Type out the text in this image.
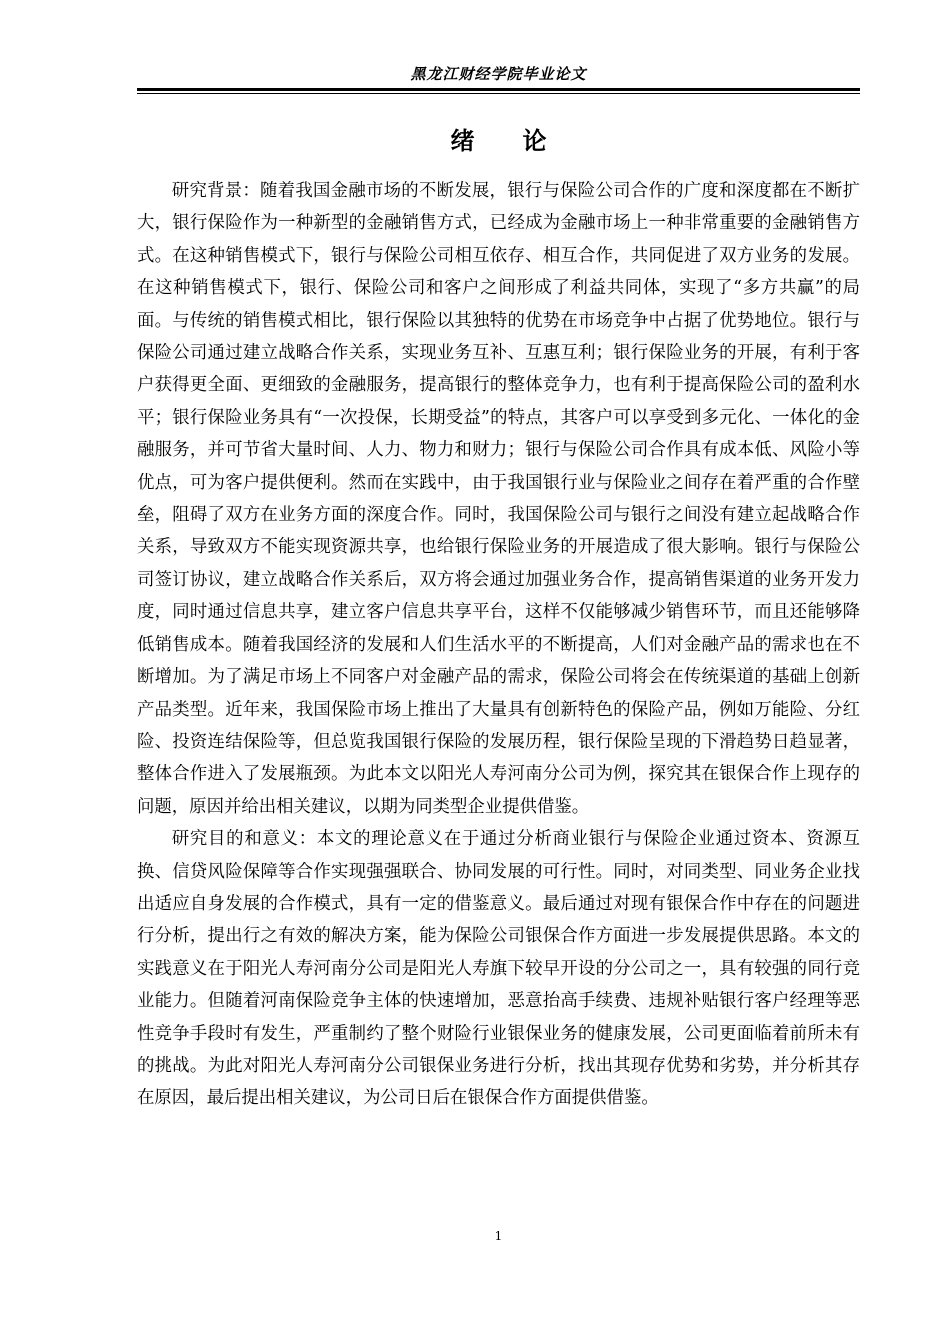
黑龙江财经学院毕业论文
绪论

研究背景：随着我国金融市场的不断发展，银行与保险公司合作的广度和深度都在不断扩大，银行保险作为一种新型的金融销售方式，已经成为金融市场上一种非常重要的金融销售方式。在这种销售模式下，银行与保险公司相互依存、相互合作，共同促进了双方业务的发展。在这种销售模式下，银行、保险公司和客户之间形成了利益共同体，实现了“多方共赢”的局面。与传统的销售模式相比，银行保险以其独特的优势在市场竞争中占据了优势地位。银行与保险公司通过建立战略合作关系，实现业务互补、互惠互利；银行保险业务的开展，有利于客户获得更全面、更细致的金融服务，提高银行的整体竞争力，也有利于提高保险公司的盈利水平；银行保险业务具有“一次投保，长期受益”的特点，其客户可以享受到多元化、一体化的金融服务，并可节省大量时间、人力、物力和财力；银行与保险公司合作具有成本低、风险小等优点，可为客户提供便利。然而在实践中，由于我国银行业与保险业之间存在着严重的合作壁垒，阻碍了双方在业务方面的深度合作。同时，我国保险公司与银行之间没有建立起战略合作关系，导致双方不能实现资源共享，也给银行保险业务的开展造成了很大影响。银行与保险公司签订协议，建立战略合作关系后，双方将会通过加强业务合作，提高销售渠道的业务开发力度，同时通过信息共享，建立客户信息共享平台，这样不仅能够减少销售环节，而且还能够降低销售成本。随着我国经济的发展和人们生活水平的不断提高，人们对金融产品的需求也在不断增加。为了满足市场上不同客户对金融产品的需求，保险公司将会在传统渠道的基础上创新产品类型。近年来，我国保险市场上推出了大量具有创新特色的保险产品，例如万能险、分红险、投资连结保险等，但总览我国银行保险的发展历程，银行保险呈现的下滑趋势日趋显著，整体合作进入了发展瓶颈。为此本文以阳光人寿河南分公司为例，探究其在银保合作上现存的问题，原因并给出相关建议，以期为同类型企业提供借鉴。

研究目的和意义：本文的理论意义在于通过分析商业银行与保险企业通过资本、资源互换、信贷风险保障等合作实现强强联合、协同发展的可行性。同时，对同类型、同业务企业找出适应自身发展的合作模式，具有一定的借鉴意义。最后通过对现有银保合作中存在的问题进行分析，提出行之有效的解决方案，能为保险公司银保合作方面进一步发展提供思路。本文的实践意义在于阳光人寿河南分公司是阳光人寿旗下较早开设的分公司之一，具有较强的同行竞业能力。但随着河南保险竞争主体的快速增加，恶意抬高手续费、违规补贴银行客户经理等恶性竞争手段时有发生，严重制约了整个财险行业银保业务的健康发展，公司更面临着前所未有的挑战。为此对阳光人寿河南分公司银保业务进行分析，找出其现存优势和劣势，并分析其存在原因，最后提出相关建议，为公司日后在银保合作方面提供借鉴。

1
